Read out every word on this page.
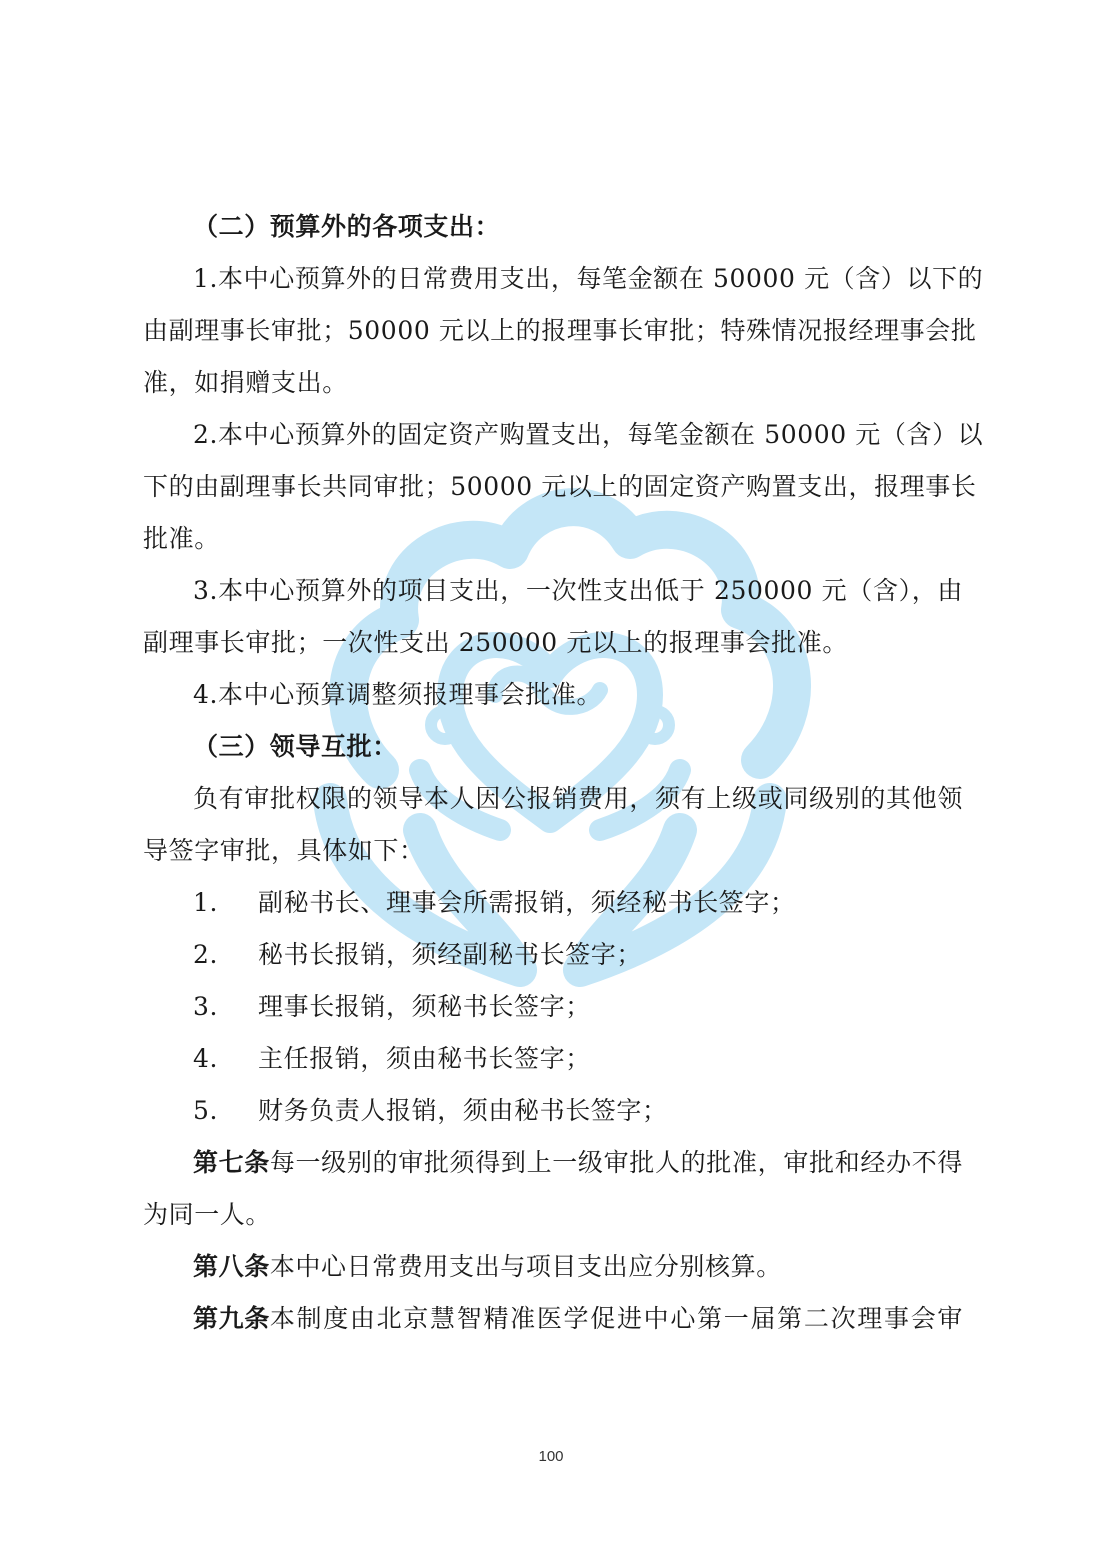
（二）预算外的各项支出：
1.本中心预算外的日常费用支出，每笔金额在 50000 元（含）以下的
由副理事长审批；50000 元以上的报理事长审批；特殊情况报经理事会批
准，如捐赠支出。
2.本中心预算外的固定资产购置支出，每笔金额在 50000 元（含）以
下的由副理事长共同审批；50000 元以上的固定资产购置支出，报理事长
批准。
3.本中心预算外的项目支出，一次性支出低于 250000 元（含），由
副理事长审批；一次性支出 250000 元以上的报理事会批准。
4.本中心预算调整须报理事会批准。
（三）领导互批：
负有审批权限的领导本人因公报销费用，须有上级或同级别的其他领
导签字审批，具体如下：
1. 副秘书长、理事会所需报销，须经秘书长签字；
2. 秘书长报销，须经副秘书长签字；
3. 理事长报销，须秘书长签字；
4. 主任报销，须由秘书长签字；
5. 财务负责人报销，须由秘书长签字；
第七条 每一级别的审批须得到上一级审批人的批准，审批和经办不得
为同一人。
第八条本中心日常费用支出与项目支出应分别核算。
第九条 本制度由北京慧智精准医学促进中心第一届第二次理事会审
100
